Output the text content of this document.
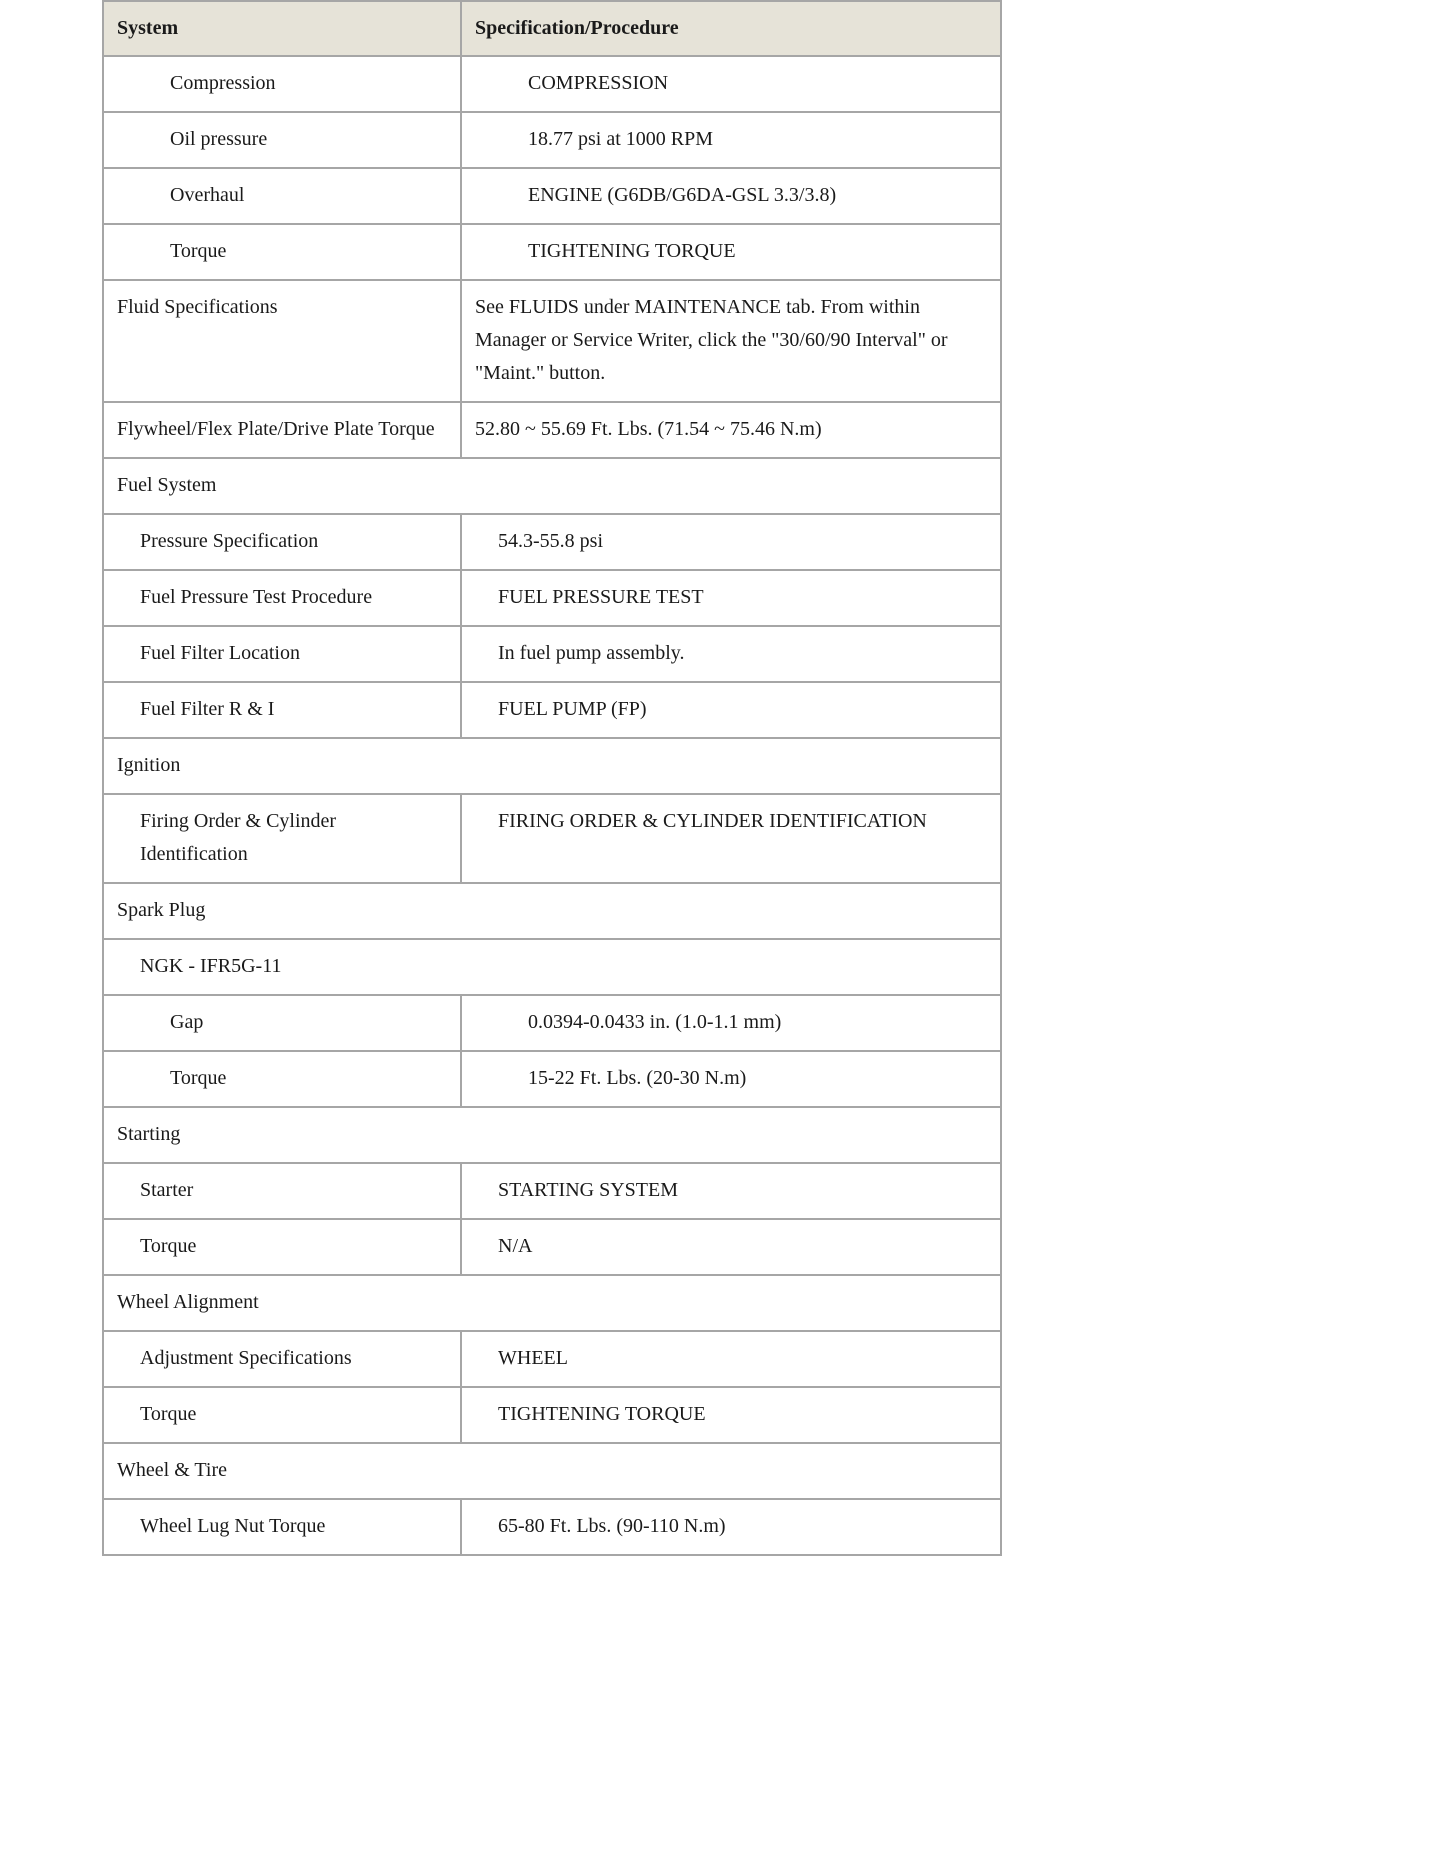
System	Specification/Procedure
Compression	COMPRESSION
Oil pressure	18.77 psi at 1000 RPM
Overhaul	ENGINE (G6DB/G6DA-GSL 3.3/3.8)
Torque	TIGHTENING TORQUE
Fluid Specifications	See FLUIDS under MAINTENANCE tab. From within Manager or Service Writer, click the "30/60/90 Interval" or "Maint." button.
Flywheel/Flex Plate/Drive Plate Torque	52.80 ~ 55.69 Ft. Lbs. (71.54 ~ 75.46 N.m)
Fuel System	
Pressure Specification	54.3-55.8 psi
Fuel Pressure Test Procedure	FUEL PRESSURE TEST
Fuel Filter Location	In fuel pump assembly.
Fuel Filter R & I	FUEL PUMP (FP)
Ignition	
Firing Order & Cylinder Identification	FIRING ORDER & CYLINDER IDENTIFICATION
Spark Plug	
NGK - IFR5G-11	
Gap	0.0394-0.0433 in. (1.0-1.1 mm)
Torque	15-22 Ft. Lbs. (20-30 N.m)
Starting	
Starter	STARTING SYSTEM
Torque	N/A
Wheel Alignment	
Adjustment Specifications	WHEEL
Torque	TIGHTENING TORQUE
Wheel & Tire	
Wheel Lug Nut Torque	65-80 Ft. Lbs. (90-110 N.m)
